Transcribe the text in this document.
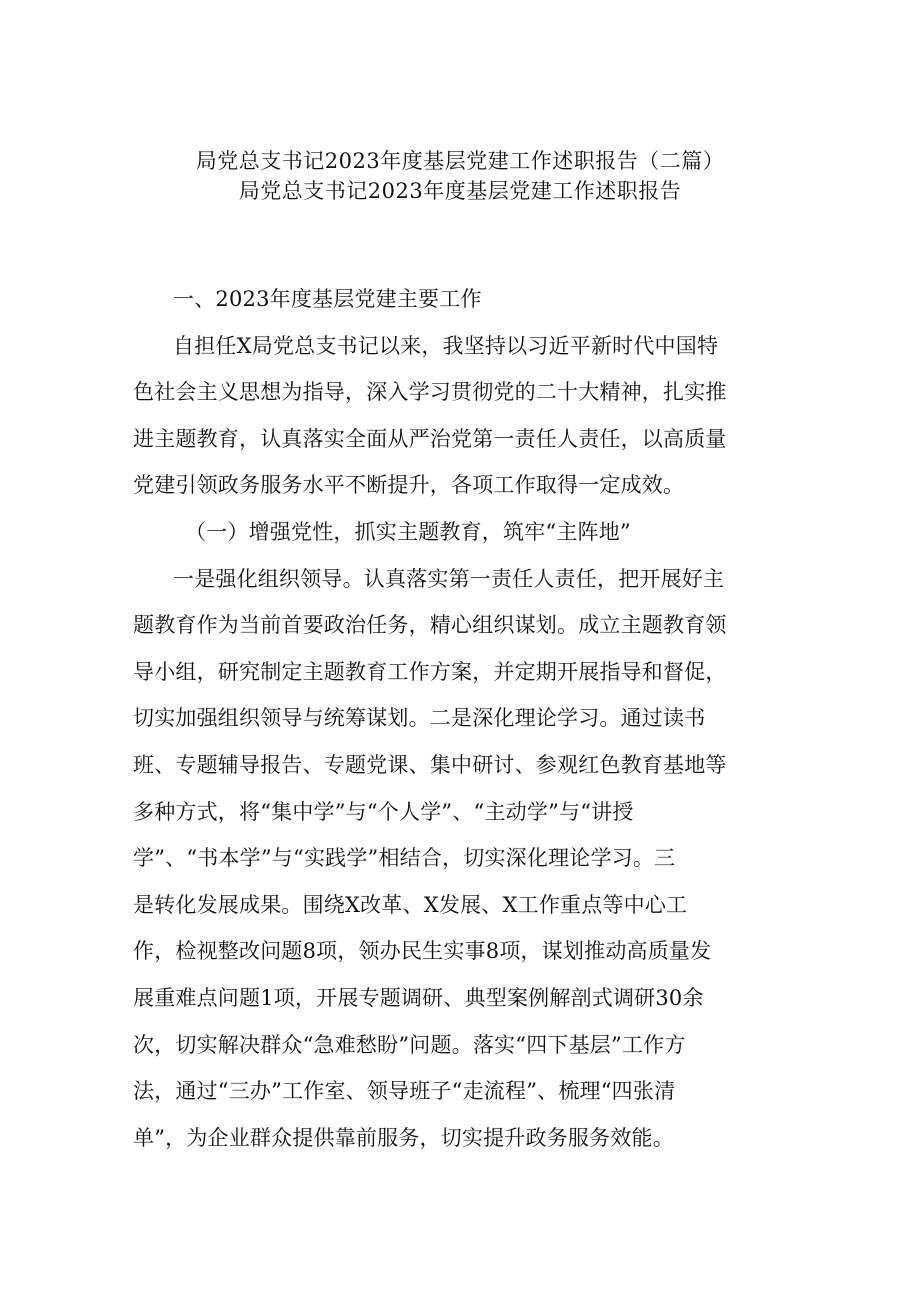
局党总支书记2023年度基层党建工作述职报告（二篇）
局党总支书记2023年度基层党建工作述职报告
一、2023年度基层党建主要工作
自担任X局党总支书记以来，我坚持以习近平新时代中国特
色社会主义思想为指导，深入学习贯彻党的二十大精神，扎实推
进主题教育，认真落实全面从严治党第一责任人责任，以高质量
党建引领政务服务水平不断提升，各项工作取得一定成效。
（一）增强党性，抓实主题教育，筑牢“主阵地”
一是强化组织领导。认真落实第一责任人责任，把开展好主
题教育作为当前首要政治任务，精心组织谋划。成立主题教育领
导小组，研究制定主题教育工作方案，并定期开展指导和督促，
切实加强组织领导与统筹谋划。二是深化理论学习。通过读书
班、专题辅导报告、专题党课、集中研讨、参观红色教育基地等
多种方式，将“集中学”与“个人学”、“主动学”与“讲授
学”、“书本学”与“实践学”相结合，切实深化理论学习。三
是转化发展成果。围绕X改革、X发展、X工作重点等中心工
作，检视整改问题8项，领办民生实事8项，谋划推动高质量发
展重难点问题1项，开展专题调研、典型案例解剖式调研30余
次，切实解决群众“急难愁盼”问题。落实“四下基层”工作方
法，通过“三办”工作室、领导班子“走流程”、梳理“四张清
单”，为企业群众提供靠前服务，切实提升政务服务效能。
